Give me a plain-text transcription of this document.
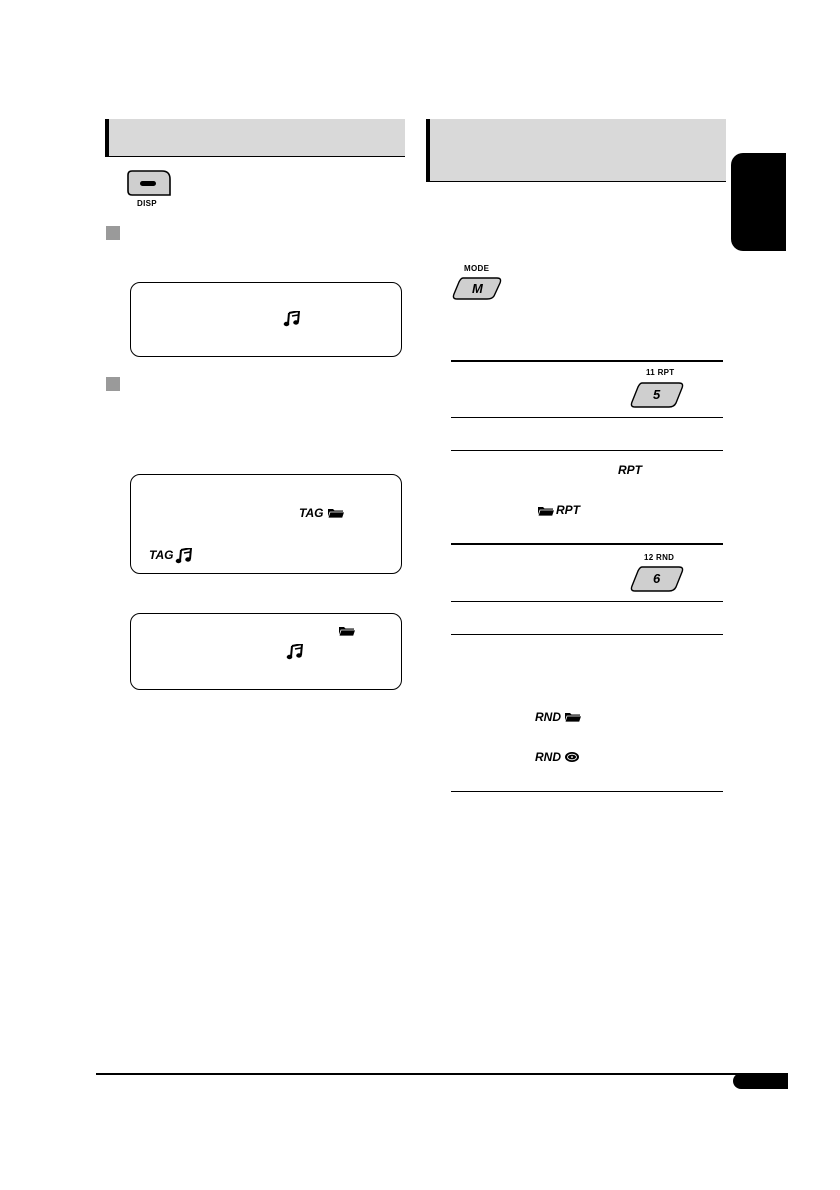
DISP
TAG
TAG
MODE
M
11 RPT
5
RPT
RPT
12 RND
6
RND
RND
